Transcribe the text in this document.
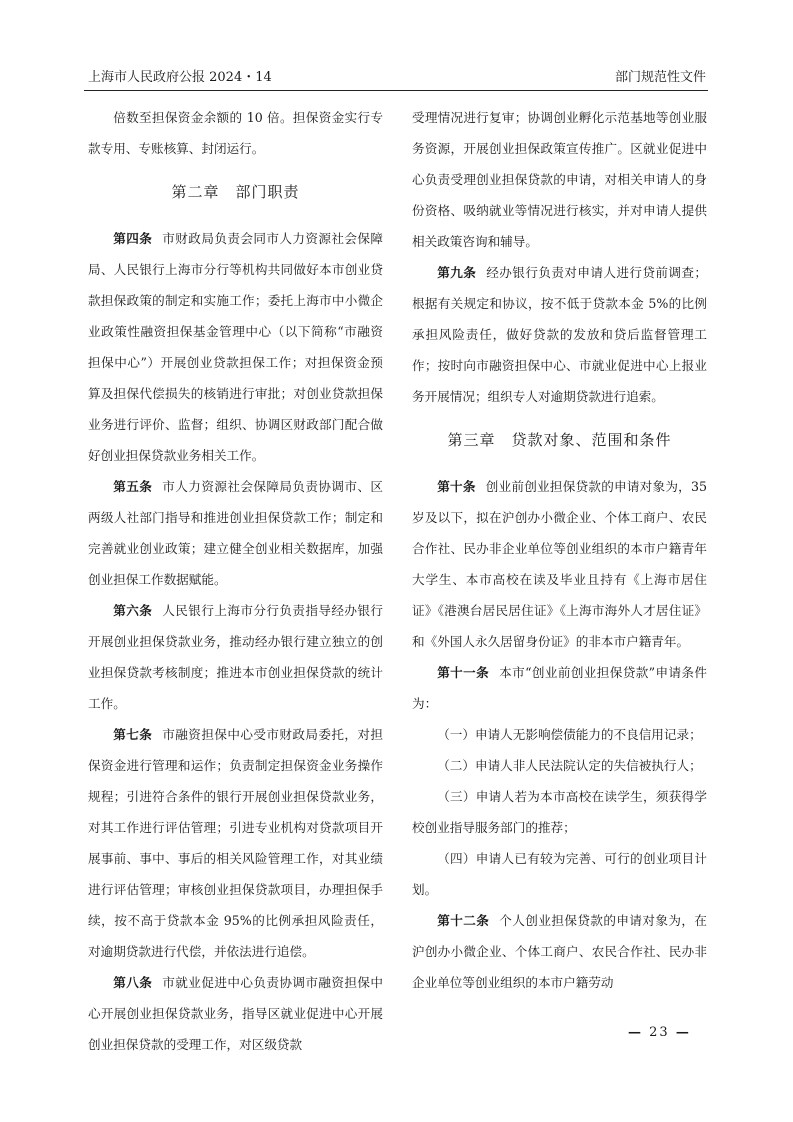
上海市人民政府公报 2024・14	部门规范性文件

倍数至担保资金余额的 10 倍。担保资金实行专款专用、专账核算、封闭运行。

第二章　部门职责

第四条 市财政局负责会同市人力资源社会保障局、人民银行上海市分行等机构共同做好本市创业贷款担保政策的制定和实施工作；委托上海市中小微企业政策性融资担保基金管理中心（以下简称“市融资担保中心”）开展创业贷款担保工作；对担保资金预算及担保代偿损失的核销进行审批；对创业贷款担保业务进行评价、监督；组织、协调区财政部门配合做好创业担保贷款业务相关工作。

第五条 市人力资源社会保障局负责协调市、区两级人社部门指导和推进创业担保贷款工作；制定和完善就业创业政策；建立健全创业相关数据库，加强创业担保工作数据赋能。

第六条 人民银行上海市分行负责指导经办银行开展创业担保贷款业务，推动经办银行建立独立的创业担保贷款考核制度；推进本市创业担保贷款的统计工作。

第七条 市融资担保中心受市财政局委托，对担保资金进行管理和运作；负责制定担保资金业务操作规程；引进符合条件的银行开展创业担保贷款业务，对其工作进行评估管理；引进专业机构对贷款项目开展事前、事中、事后的相关风险管理工作，对其业绩进行评估管理；审核创业担保贷款项目，办理担保手续，按不高于贷款本金 95%的比例承担风险责任，对逾期贷款进行代偿，并依法进行追偿。

第八条 市就业促进中心负责协调市融资担保中心开展创业担保贷款业务，指导区就业促进中心开展创业担保贷款的受理工作，对区级贷款

受理情况进行复审；协调创业孵化示范基地等创业服务资源，开展创业担保政策宣传推广。区就业促进中心负责受理创业担保贷款的申请，对相关申请人的身份资格、吸纳就业等情况进行核实，并对申请人提供相关政策咨询和辅导。

第九条 经办银行负责对申请人进行贷前调查；根据有关规定和协议，按不低于贷款本金 5%的比例承担风险责任，做好贷款的发放和贷后监督管理工作；按时向市融资担保中心、市就业促进中心上报业务开展情况；组织专人对逾期贷款进行追索。

第三章　贷款对象、范围和条件

第十条 创业前创业担保贷款的申请对象为，35 岁及以下，拟在沪创办小微企业、个体工商户、农民合作社、民办非企业单位等创业组织的本市户籍青年大学生、本市高校在读及毕业且持有《上海市居住证》《港澳台居民居住证》《上海市海外人才居住证》和《外国人永久居留身份证》的非本市户籍青年。

第十一条 本市“创业前创业担保贷款”申请条件为：

（一）申请人无影响偿债能力的不良信用记录；

（二）申请人非人民法院认定的失信被执行人；

（三）申请人若为本市高校在读学生，须获得学校创业指导服务部门的推荐；

（四）申请人已有较为完善、可行的创业项目计划。

第十二条 个人创业担保贷款的申请对象为，在沪创办小微企业、个体工商户、农民合作社、民办非企业单位等创业组织的本市户籍劳动

— 23 —
